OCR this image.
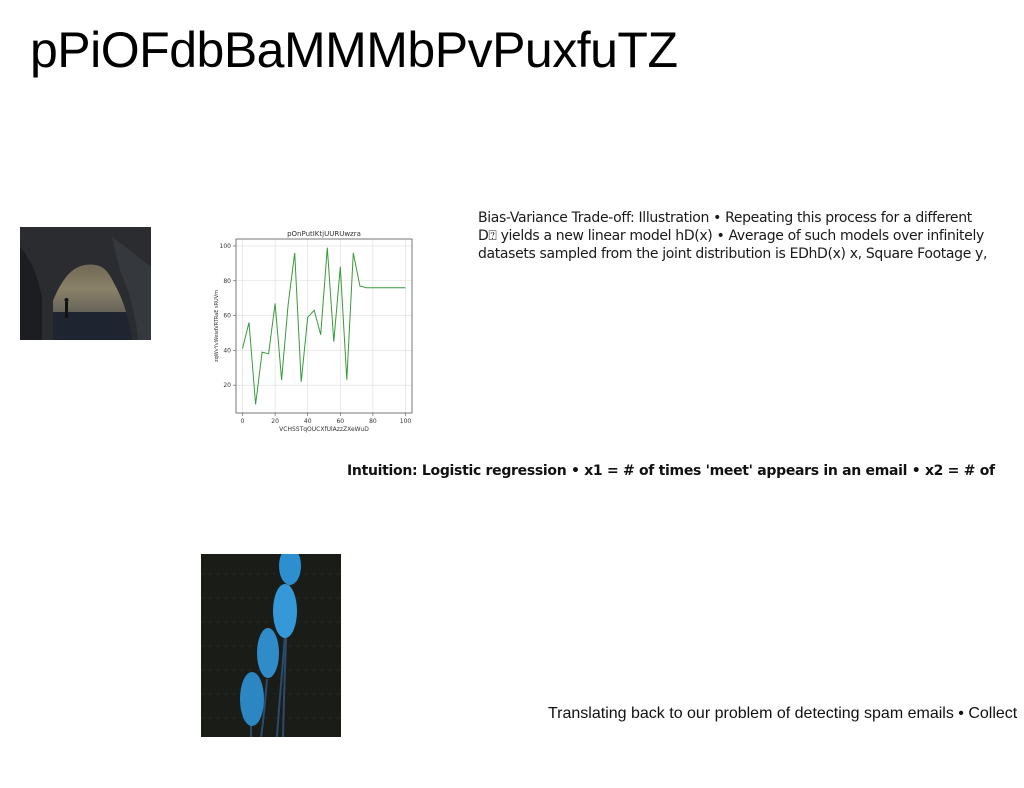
pPiOFdbBaMMMbPvPuxfuTZ
pOnPutIKtjUURUwzra
0	20	40	60	80	100
20
40
60
80
100
VCHSSTqOUCXfUlAzzZXeWuD
zqWvYvWesdVRTRaE sRUVm
Bias-Variance Trade-off: Illustration • Repeating this process for a different
D⍰ yields a new linear model hD(x) • Average of such models over infinitely
datasets sampled from the joint distribution is EDhD(x) x, Square Footage y,
Intuition: Logistic regression • x1 = # of times 'meet' appears in an email • x2 = # of
Translating back to our problem of detecting spam emails • Collect
